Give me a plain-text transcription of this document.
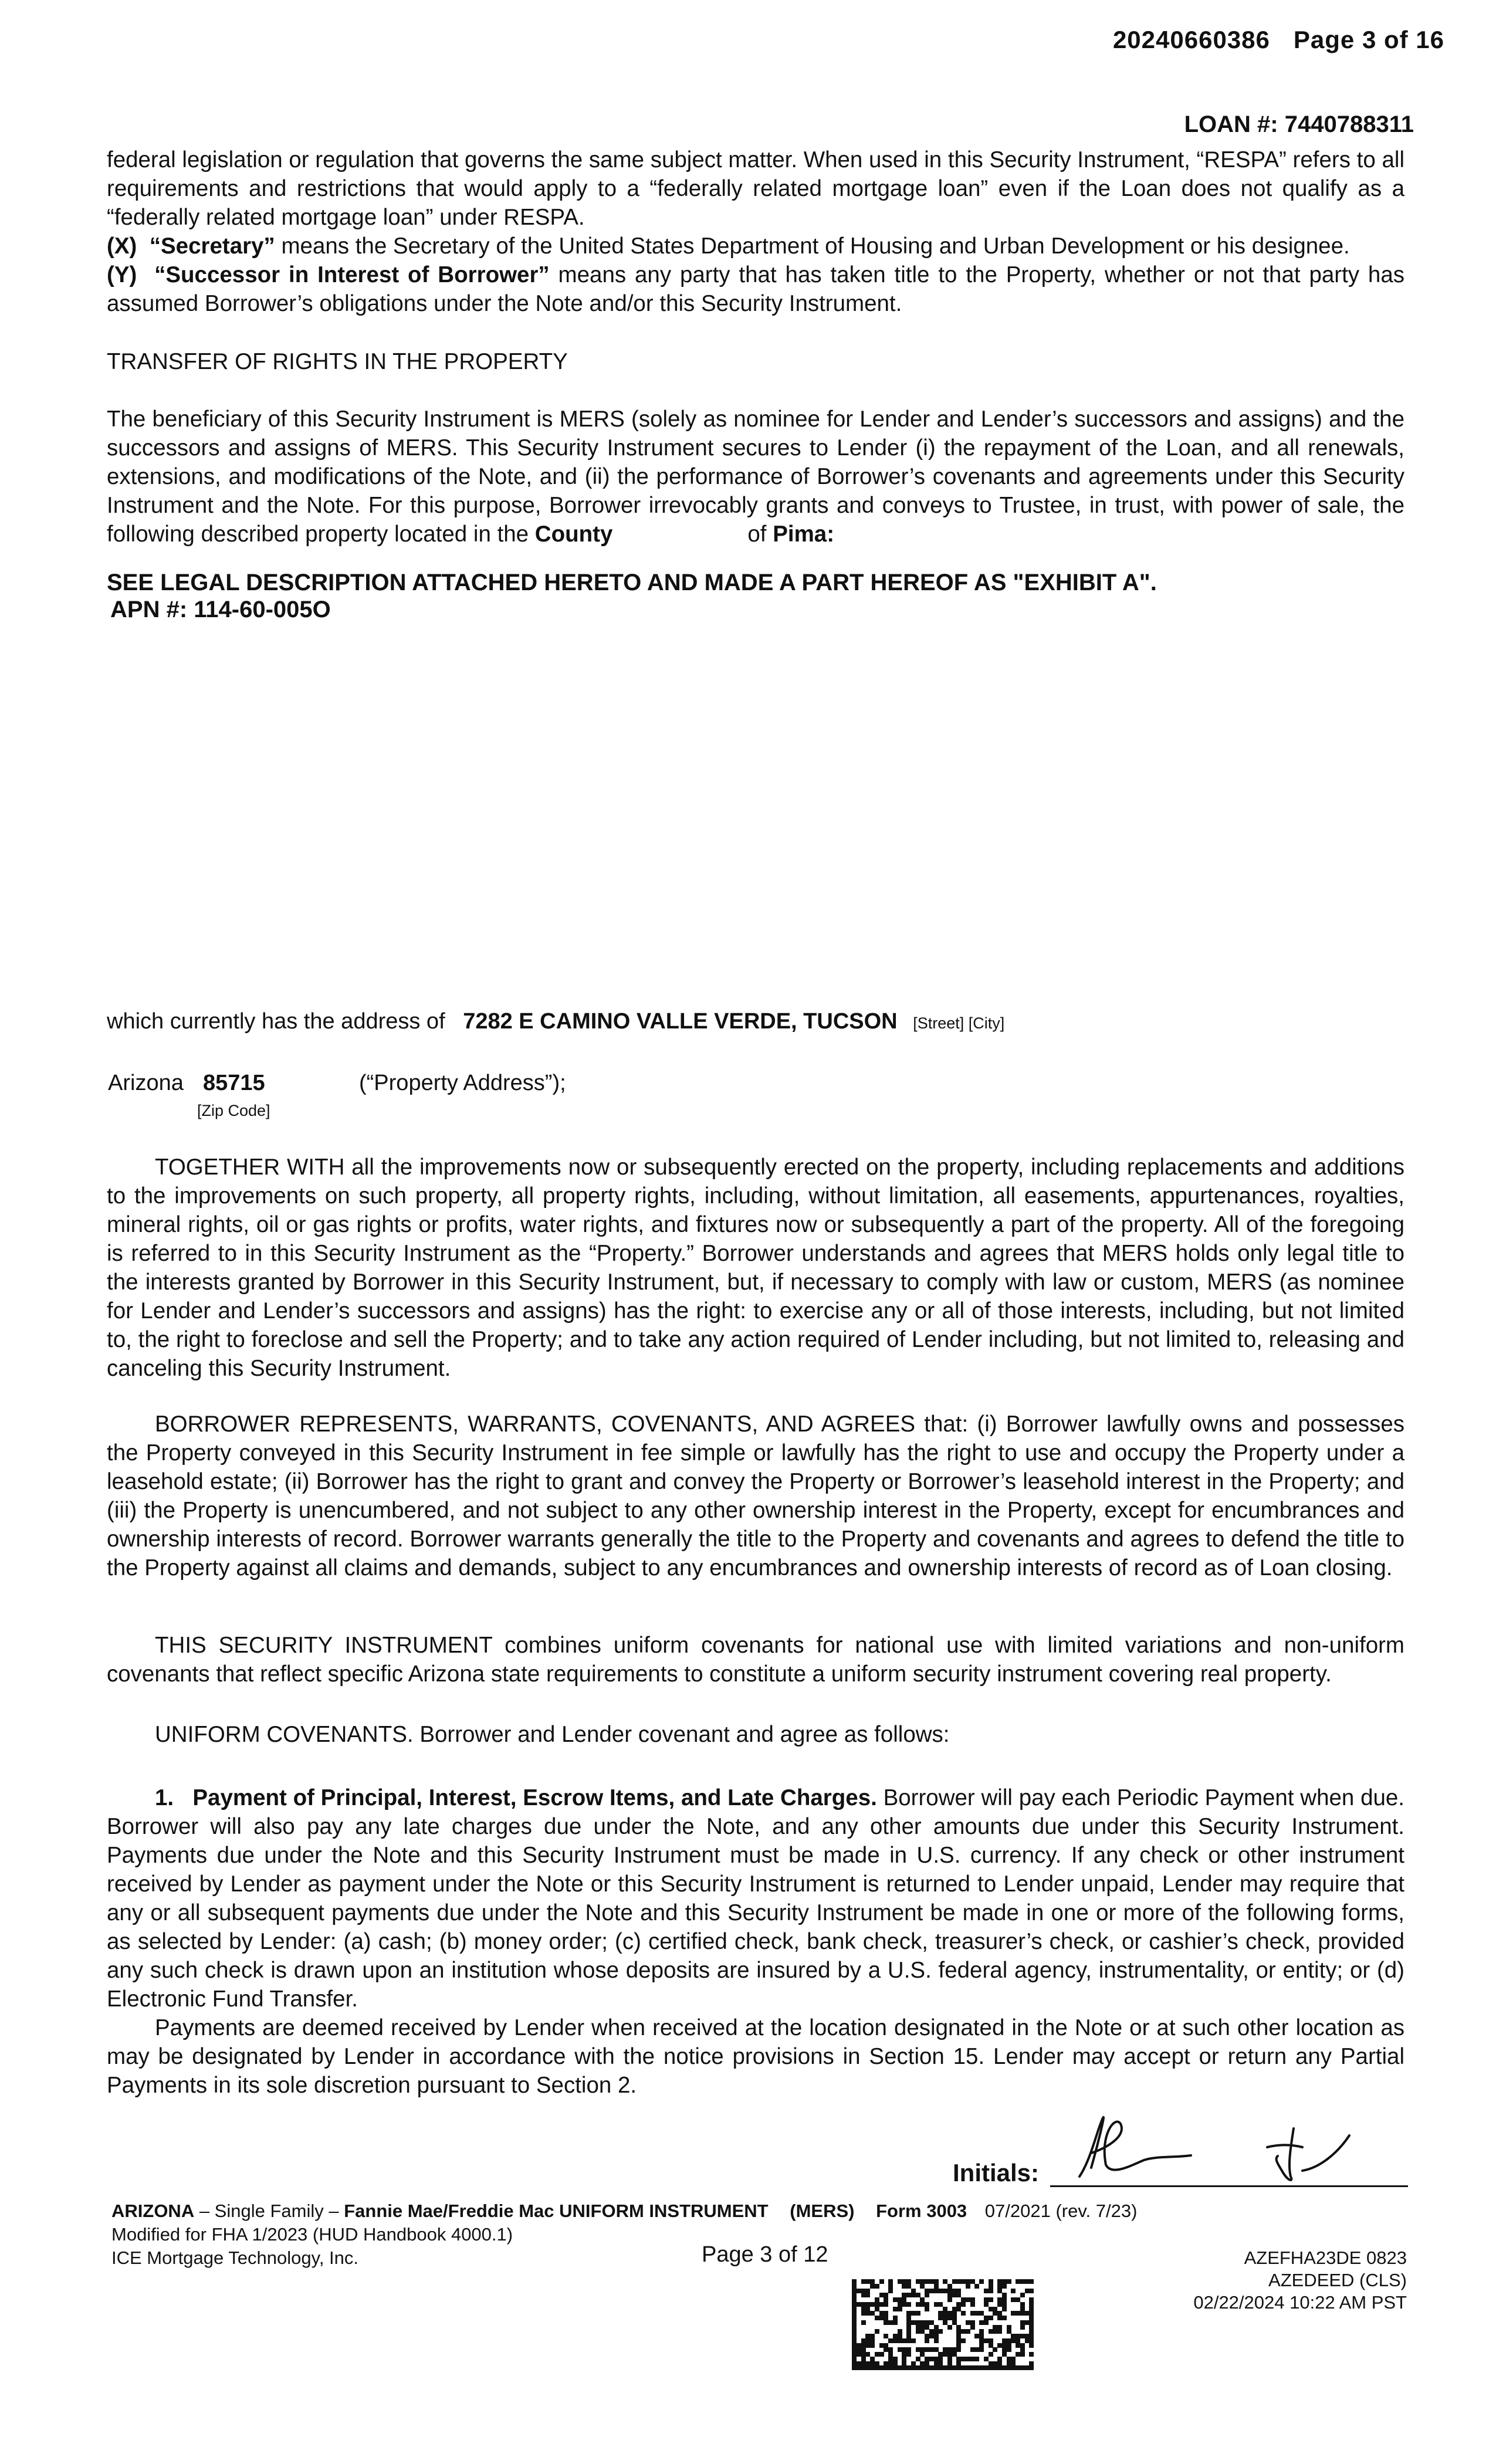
20240660386 Page 3 of 16
LOAN #: 7440788311

federal legislation or regulation that governs the same subject matter. When used in this Security Instrument, “RESPA” refers to all requirements and restrictions that would apply to a “federally related mortgage loan” even if the Loan does not qualify as a “federally related mortgage loan” under RESPA.

(X) “Secretary” means the Secretary of the United States Department of Housing and Urban Development or his designee.

(Y) “Successor in Interest of Borrower” means any party that has taken title to the Property, whether or not that party has assumed Borrower’s obligations under the Note and/or this Security Instrument.

TRANSFER OF RIGHTS IN THE PROPERTY
The beneficiary of this Security Instrument is MERS (solely as nominee for Lender and Lender’s successors and assigns) and the successors and assigns of MERS. This Security Instrument secures to Lender (i) the repayment of the Loan, and all renewals, extensions, and modifications of the Note, and (ii) the performance of Borrower’s covenants and agreements under this Security Instrument and the Note. For this purpose, Borrower irrevocably grants and conveys to Trustee, in trust, with power of sale, the following described property located in the County	of Pima:
SEE LEGAL DESCRIPTION ATTACHED HERETO AND MADE A PART HEREOF AS "EXHIBIT A".
APN #: 114-60-005O
which currently has the address of 7282 E CAMINO VALLE VERDE, TUCSON [Street] [City]
Arizona 85715	(“Property Address”);
[Zip Code]

TOGETHER WITH all the improvements now or subsequently erected on the property, including replacements and additions to the improvements on such property, all property rights, including, without limitation, all easements, appurtenances, royalties, mineral rights, oil or gas rights or profits, water rights, and fixtures now or subsequently a part of the property. All of the foregoing is referred to in this Security Instrument as the “Property.” Borrower understands and agrees that MERS holds only legal title to the interests granted by Borrower in this Security Instrument, but, if necessary to comply with law or custom, MERS (as nominee for Lender and Lender’s successors and assigns) has the right: to exercise any or all of those interests, including, but not limited to, the right to foreclose and sell the Property; and to take any action required of Lender including, but not limited to, releasing and canceling this Security Instrument.

BORROWER REPRESENTS, WARRANTS, COVENANTS, AND AGREES that: (i) Borrower lawfully owns and possesses the Property conveyed in this Security Instrument in fee simple or lawfully has the right to use and occupy the Property under a leasehold estate; (ii) Borrower has the right to grant and convey the Property or Borrower’s leasehold interest in the Property; and (iii) the Property is unencumbered, and not subject to any other ownership interest in the Property, except for encumbrances and ownership interests of record. Borrower warrants generally the title to the Property and covenants and agrees to defend the title to the Property against all claims and demands, subject to any encumbrances and ownership interests of record as of Loan closing.

THIS SECURITY INSTRUMENT combines uniform covenants for national use with limited variations and non-uniform covenants that reflect specific Arizona state requirements to constitute a uniform security instrument covering real property.

UNIFORM COVENANTS. Borrower and Lender covenant and agree as follows:

1. Payment of Principal, Interest, Escrow Items, and Late Charges. Borrower will pay each Periodic Payment when due. Borrower will also pay any late charges due under the Note, and any other amounts due under this Security Instrument. Payments due under the Note and this Security Instrument must be made in U.S. currency. If any check or other instrument received by Lender as payment under the Note or this Security Instrument is returned to Lender unpaid, Lender may require that any or all subsequent payments due under the Note and this Security Instrument be made in one or more of the following forms, as selected by Lender: (a) cash; (b) money order; (c) certified check, bank check, treasurer’s check, or cashier’s check, provided any such check is drawn upon an institution whose deposits are insured by a U.S. federal agency, instrumentality, or entity; or (d) Electronic Fund Transfer.

Payments are deemed received by Lender when received at the location designated in the Note or at such other location as may be designated by Lender in accordance with the notice provisions in Section 15. Lender may accept or return any Partial Payments in its sole discretion pursuant to Section 2.

Initials:
ARIZONA – Single Family – Fannie Mae/Freddie Mac UNIFORM INSTRUMENT (MERS) Form 3003 07/2021 (rev. 7/23)
Modified for FHA 1/2023 (HUD Handbook 4000.1)
ICE Mortgage Technology, Inc.	Page 3 of 12	AZEFHA23DE 0823
AZEDEED (CLS)
02/22/2024 10:22 AM PST
